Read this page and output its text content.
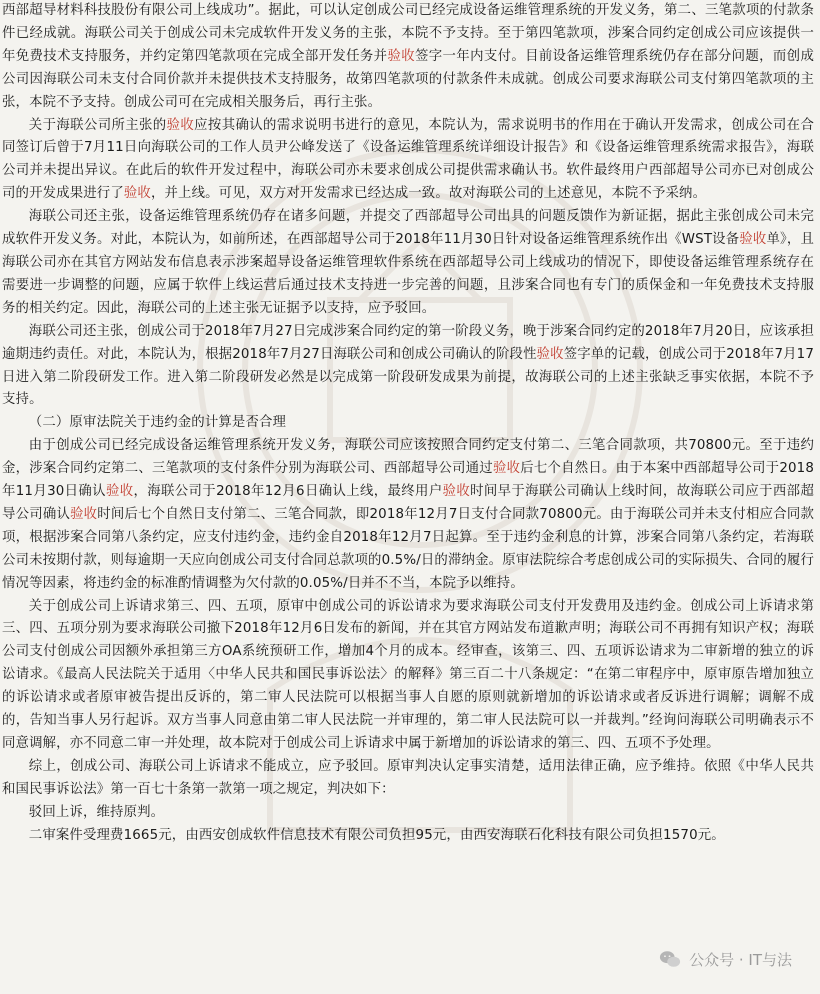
西部超导材料科技股份有限公司上线成功”。据此，可以认定创成公司已经完成设备运维管理系统的开发义务，第二、三笔款项的付款条件已经成就。海联公司关于创成公司未完成软件开发义务的主张，本院不予支持。至于第四笔款项，涉案合同约定创成公司应该提供一年免费技术支持服务，并约定第四笔款项在完成全部开发任务并验收签字一年内支付。目前设备运维管理系统仍存在部分问题，而创成公司因海联公司未支付合同价款并未提供技术支持服务，故第四笔款项的付款条件未成就。创成公司要求海联公司支付第四笔款项的主张，本院不予支持。创成公司可在完成相关服务后，再行主张。

关于海联公司所主张的验收应按其确认的需求说明书进行的意见，本院认为，需求说明书的作用在于确认开发需求，创成公司在合同签订后曾于7月11日向海联公司的工作人员尹公峰发送了《设备运维管理系统详细设计报告》和《设备运维管理系统需求报告》，海联公司并未提出异议。在此后的软件开发过程中，海联公司亦未要求创成公司提供需求确认书。软件最终用户西部超导公司亦已对创成公司的开发成果进行了验收，并上线。可见，双方对开发需求已经达成一致。故对海联公司的上述意见，本院不予采纳。

海联公司还主张，设备运维管理系统仍存在诸多问题，并提交了西部超导公司出具的问题反馈作为新证据，据此主张创成公司未完成软件开发义务。对此，本院认为，如前所述，在西部超导公司于2018年11月30日针对设备运维管理系统作出《WST设备验收单》，且海联公司亦在其官方网站发布信息表示涉案超导设备运维管理软件系统在西部超导公司上线成功的情况下，即使设备运维管理系统存在需要进一步调整的问题，应属于软件上线运营后通过技术支持进一步完善的问题，且涉案合同也有专门的质保金和一年免费技术支持服务的相关约定。因此，海联公司的上述主张无证据予以支持，应予驳回。

海联公司还主张，创成公司于2018年7月27日完成涉案合同约定的第一阶段义务，晚于涉案合同约定的2018年7月20日，应该承担逾期违约责任。对此，本院认为，根据2018年7月27日海联公司和创成公司确认的阶段性验收签字单的记载，创成公司于2018年7月17日进入第二阶段研发工作。进入第二阶段研发必然是以完成第一阶段研发成果为前提，故海联公司的上述主张缺乏事实依据，本院不予支持。

（二）原审法院关于违约金的计算是否合理

由于创成公司已经完成设备运维管理系统开发义务，海联公司应该按照合同约定支付第二、三笔合同款项，共70800元。至于违约金，涉案合同约定第二、三笔款项的支付条件分别为海联公司、西部超导公司通过验收后七个自然日。由于本案中西部超导公司于2018年11月30日确认验收，海联公司于2018年12月6日确认上线，最终用户验收时间早于海联公司确认上线时间，故海联公司应于西部超导公司确认验收时间后七个自然日支付第二、三笔合同款，即2018年12月7日支付合同款70800元。由于海联公司并未支付相应合同款项，根据涉案合同第八条约定，应支付违约金，违约金自2018年12月7日起算。至于违约金利息的计算，涉案合同第八条约定，若海联公司未按期付款，则每逾期一天应向创成公司支付合同总款项的0.5%/日的滞纳金。原审法院综合考虑创成公司的实际损失、合同的履行情况等因素，将违约金的标准酌情调整为欠付款的0.05%/日并不不当，本院予以维持。

关于创成公司上诉请求第三、四、五项，原审中创成公司的诉讼请求为要求海联公司支付开发费用及违约金。创成公司上诉请求第三、四、五项分别为要求海联公司撤下2018年12月6日发布的新闻，并在其官方网站发布道歉声明；海联公司不再拥有知识产权；海联公司支付创成公司因额外承担第三方OA系统预研工作，增加4个月的成本。经审查，该第三、四、五项诉讼请求为二审新增的独立的诉讼请求。《最高人民法院关于适用〈中华人民共和国民事诉讼法〉的解释》第三百二十八条规定：“在第二审程序中，原审原告增加独立的诉讼请求或者原审被告提出反诉的，第二审人民法院可以根据当事人自愿的原则就新增加的诉讼请求或者反诉进行调解；调解不成的，告知当事人另行起诉。双方当事人同意由第二审人民法院一并审理的，第二审人民法院可以一并裁判。”经询问海联公司明确表示不同意调解，亦不同意二审一并处理，故本院对于创成公司上诉请求中属于新增加的诉讼请求的第三、四、五项不予处理。

综上，创成公司、海联公司上诉请求不能成立，应予驳回。原审判决认定事实清楚，适用法律正确，应予维持。依照《中华人民共和国民事诉讼法》第一百七十条第一款第一项之规定，判决如下：

驳回上诉，维持原判。

二审案件受理费1665元，由西安创成软件信息技术有限公司负担95元，由西安海联石化科技有限公司负担1570元。

公众号 · IT与法
